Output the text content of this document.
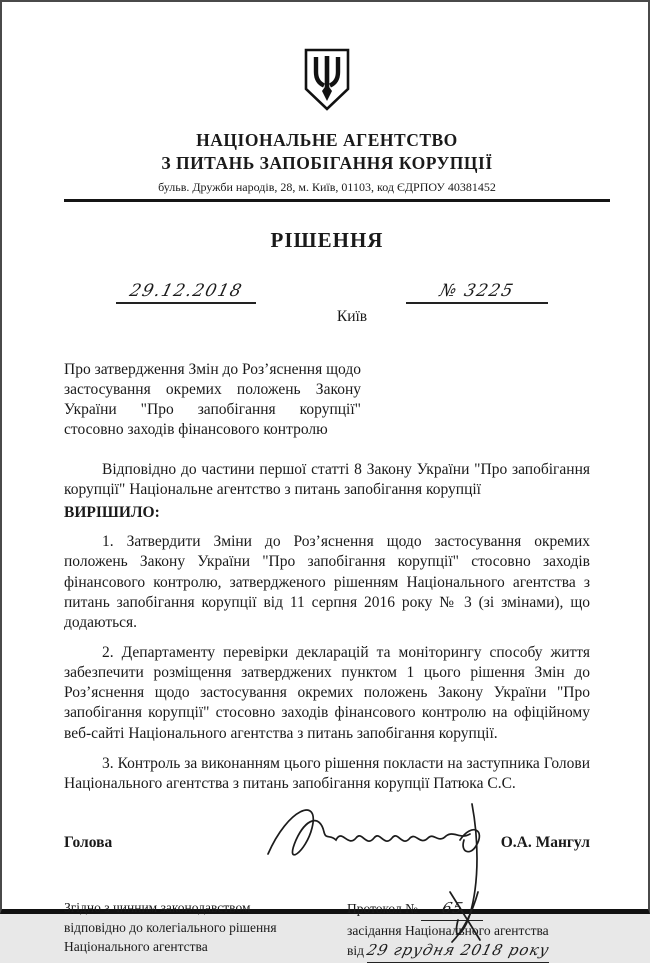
НАЦІОНАЛЬНЕ АГЕНТСТВО
З ПИТАНЬ ЗАПОБІГАННЯ КОРУПЦІЇ
бульв. Дружби народів, 28, м. Київ, 01103, код ЄДРПОУ 40381452
РІШЕННЯ
29.12.2018	№ 3225
Київ
Про затвердження Змін до Роз’яснення щодо застосування окремих положень Закону України "Про запобігання корупції" стосовно заходів фінансового контролю

Відповідно до частини першої статті 8 Закону України "Про запобігання корупції" Національне агентство з питань запобігання корупції

ВИРІШИЛО:

1. Затвердити Зміни до Роз’яснення щодо застосування окремих положень Закону України "Про запобігання корупції" стосовно заходів фінансового контролю, затвердженого рішенням Національного агентства з питань запобігання корупції від 11 серпня 2016 року № 3 (зі змінами), що додаються.

2. Департаменту перевірки декларацій та моніторингу способу життя забезпечити розміщення затверджених пунктом 1 цього рішення Змін до Роз’яснення щодо застосування окремих положень Закону України "Про запобігання корупції" стосовно заходів фінансового контролю на офіційному веб-сайті Національного агентства з питань запобігання корупції.

3. Контроль за виконанням цього рішення покласти на заступника Голови Національного агентства з питань запобігання корупції Патюка С.С.

Голова	О.А. Мангул
Згідно з чинним законодавством
відповідно до колегіального рішення
Національного агентства
Протокол № 65
засідання Національного агентства
від 29 грудня 2018 року
